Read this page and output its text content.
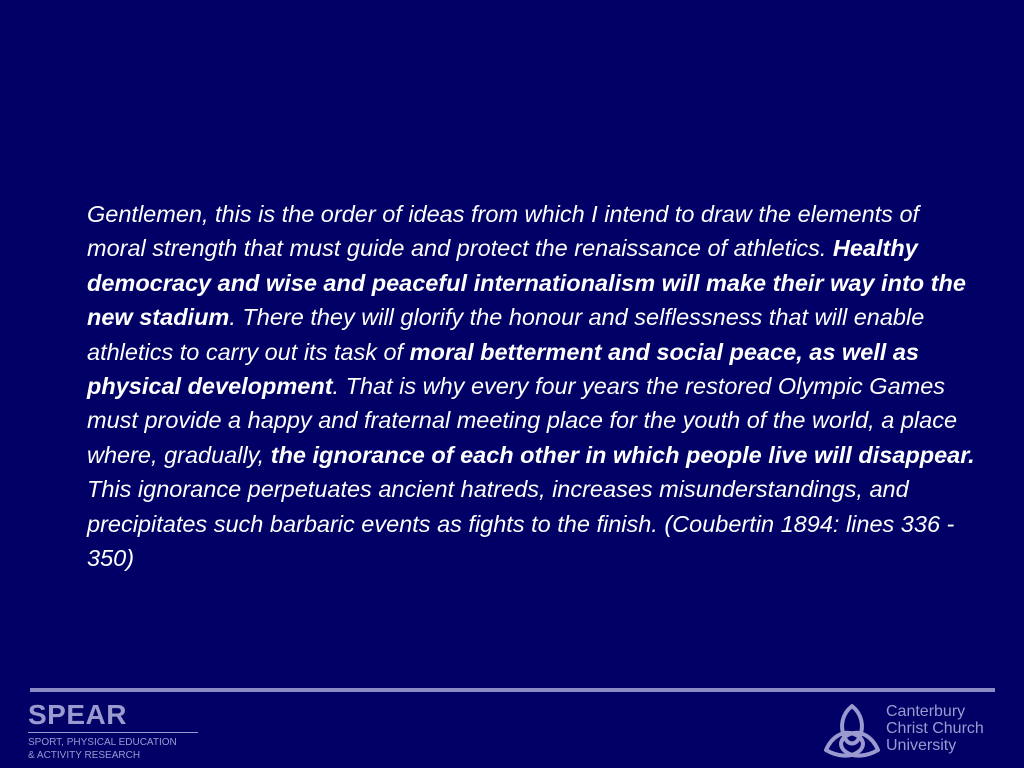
Gentlemen, this is the order of ideas from which I intend to draw the elements of moral strength that must guide and protect the renaissance of athletics. Healthy democracy and wise and peaceful internationalism will make their way into the new stadium. There they will glorify the honour and selflessness that will enable athletics to carry out its task of moral betterment and social peace, as well as physical development. That is why every four years the restored Olympic Games must provide a happy and fraternal meeting place for the youth of the world, a place where, gradually, the ignorance of each other in which people live will disappear. This ignorance perpetuates ancient hatreds, increases misunderstandings, and precipitates such barbaric events as fights to the finish. (Coubertin 1894: lines 336 - 350)

SPEAR
SPORT, PHYSICAL EDUCATION
& ACTIVITY RESEARCH
Canterbury
Christ Church
University
